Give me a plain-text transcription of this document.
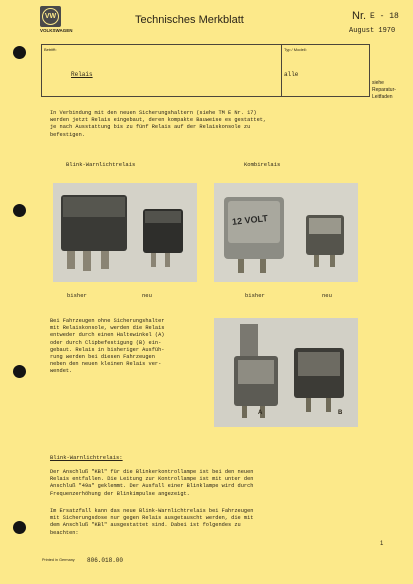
VW
VOLKSWAGEN
Technisches Merkblatt	Nr. E - 18
August 1970
Betrifft:
Relais
Typ / Modell:
alle
siehe
Reparatur-
Leitfaden
In Verbindung mit den neuen Sicherungshaltern (siehe TM E Nr. 17)
werden jetzt Relais eingebaut, deren kompakte Bauweise es gestattet,
je nach Ausstattung bis zu fünf Relais auf der Relaiskonsole zu
befestigen.
Blink-Warnlichtrelais	Kombirelais
12 VOLT
bisher	neu	bisher	neu
Bei Fahrzeugen ohne Sicherungshalter
mit Relaiskonsole, werden die Relais
entweder durch einen Haltewinkel (A)
oder durch Clipbefestigung (B) ein-
gebaut. Relais in bisheriger Ausfüh-
rung werden bei diesen Fahrzeugen
neben den neuen kleinen Relais ver-
wendet.
A	B
Blink-Warnlichtrelais:
Der Anschluß "KBl" für die Blinkerkontrollampe ist bei den neuen
Relais entfallen. Die Leitung zur Kontrollampe ist mit unter den
Anschluß "49a" geklemmt. Der Ausfall einer Blinklampe wird durch
Frequenzerhöhung der Blinkimpulse angezeigt.
Im Ersatzfall kann das neue Blink-Warnlichtrelais bei Fahrzeugen
mit Sicherungsdose nur gegen Relais ausgetauscht werden, die mit
dem Anschluß "KBl" ausgestattet sind. Dabei ist folgendes zu
beachten:
1
Printed in Germany 806.018.00
